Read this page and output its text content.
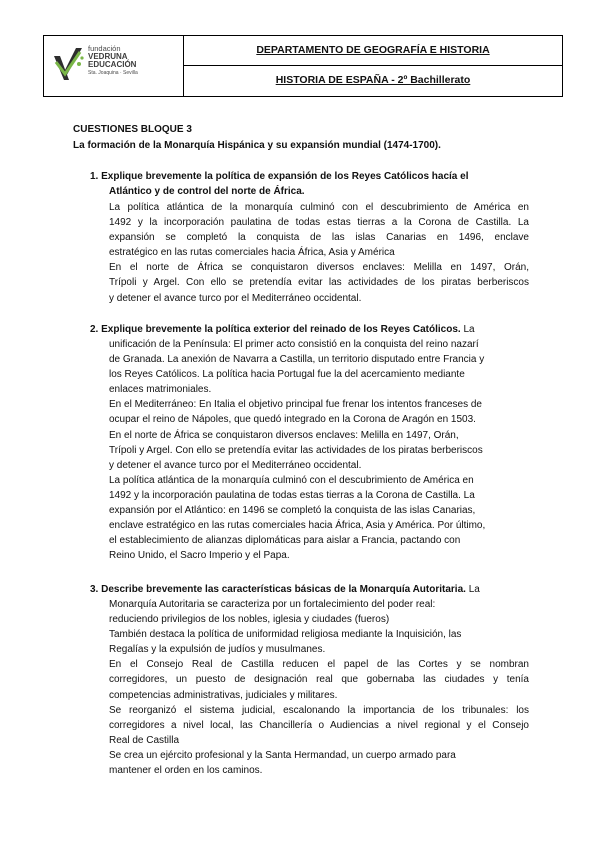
fundación
VEDRUNA
EDUCACIÓN
Sta. Joaquina · Sevilla
DEPARTAMENTO DE GEOGRAFÍA E HISTORIA
HISTORIA DE ESPAÑA - 2º Bachillerato
CUESTIONES BLOQUE 3
La formación de la Monarquía Hispánica y su expansión mundial (1474-1700).
1. Explique brevemente la política de expansión de los Reyes Católicos hacía el
Atlántico y de control del norte de África.
La política atlántica de la monarquía culminó con el descubrimiento de América en
1492 y la incorporación paulatina de todas estas tierras a la Corona de Castilla. La
expansión se completó la conquista de las islas Canarias en 1496, enclave
estratégico en las rutas comerciales hacia África, Asia y América
En el norte de África se conquistaron diversos enclaves: Melilla en 1497, Orán,
Trípoli y Argel. Con ello se pretendía evitar las actividades de los piratas berberiscos
y detener el avance turco por el Mediterráneo occidental.
2. Explique brevemente la política exterior del reinado de los Reyes Católicos. La
unificación de la Península: El primer acto consistió en la conquista del reino nazarí
de Granada. La anexión de Navarra a Castilla, un territorio disputado entre Francia y
los Reyes Católicos. La política hacia Portugal fue la del acercamiento mediante
enlaces matrimoniales.
En el Mediterráneo: En Italia el objetivo principal fue frenar los intentos franceses de
ocupar el reino de Nápoles, que quedó integrado en la Corona de Aragón en 1503.
En el norte de África se conquistaron diversos enclaves: Melilla en 1497, Orán,
Trípoli y Argel. Con ello se pretendía evitar las actividades de los piratas berberiscos
y detener el avance turco por el Mediterráneo occidental.
La política atlántica de la monarquía culminó con el descubrimiento de América en
1492 y la incorporación paulatina de todas estas tierras a la Corona de Castilla. La
expansión por el Atlántico: en 1496 se completó la conquista de las islas Canarias,
enclave estratégico en las rutas comerciales hacia África, Asia y América. Por último,
el establecimiento de alianzas diplomáticas para aislar a Francia, pactando con
Reino Unido, el Sacro Imperio y el Papa.
3. Describe brevemente las características básicas de la Monarquía Autoritaria. La
Monarquía Autoritaria se caracteriza por un fortalecimiento del poder real:
reduciendo privilegios de los nobles, iglesia y ciudades (fueros)
También destaca la política de uniformidad religiosa mediante la Inquisición, las
Regalías y la expulsión de judíos y musulmanes.
En el Consejo Real de Castilla reducen el papel de las Cortes y se nombran
corregidores, un puesto de designación real que gobernaba las ciudades y tenía
competencias administrativas, judiciales y militares.
Se reorganizó el sistema judicial, escalonando la importancia de los tribunales: los
corregidores a nivel local, las Chancillería o Audiencias a nivel regional y el Consejo
Real de Castilla
Se crea un ejército profesional y la Santa Hermandad, un cuerpo armado para
mantener el orden en los caminos.
